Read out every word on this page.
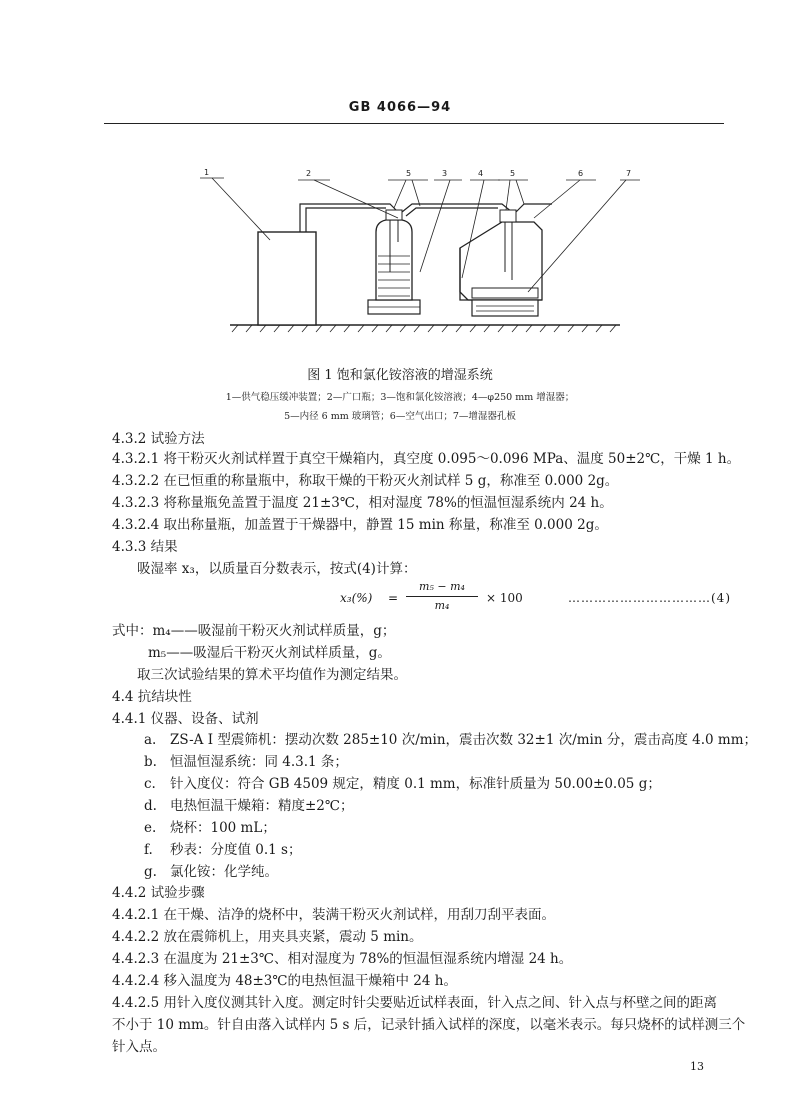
GB 4066—94
1	2	5	3	4	5	6	7
图 1 饱和氯化铵溶液的增湿系统
1—供气稳压缓冲装置；2—广口瓶；3—饱和氯化铵溶液；4—φ250 mm 增湿器；
5—内径 6 mm 玻璃管；6—空气出口；7—增湿器孔板
4.3.2 试验方法
4.3.2.1 将干粉灭火剂试样置于真空干燥箱内，真空度 0.095～0.096 MPa、温度 50±2℃，干燥 1 h。
4.3.2.2 在已恒重的称量瓶中，称取干燥的干粉灭火剂试样 5 g，称准至 0.000 2g。
4.3.2.3 将称量瓶免盖置于温度 21±3℃，相对湿度 78%的恒温恒湿系统内 24 h。
4.3.2.4 取出称量瓶，加盖置于干燥器中，静置 15 min 称量，称准至 0.000 2g。
4.3.3 结果
吸湿率 x₃，以质量百分数表示，按式(4)计算：
x₃(%) =
m₅ − m₄
m₄
× 100	……………………………(4)
式中：m₄——吸湿前干粉灭火剂试样质量，g；
m₅——吸湿后干粉灭火剂试样质量，g。
取三次试验结果的算术平均值作为测定结果。
4.4 抗结块性
4.4.1 仪器、设备、试剂
a. ZS-A Ⅰ 型震筛机：摆动次数 285±10 次/min，震击次数 32±1 次/min 分，震击高度 4.0 mm；
b. 恒温恒湿系统：同 4.3.1 条；
c. 针入度仪：符合 GB 4509 规定，精度 0.1 mm，标准针质量为 50.00±0.05 g；
d. 电热恒温干燥箱：精度±2℃；
e. 烧杯：100 mL；
f. 秒表：分度值 0.1 s；
g. 氯化铵：化学纯。
4.4.2 试验步骤
4.4.2.1 在干燥、洁净的烧杯中，装满干粉灭火剂试样，用刮刀刮平表面。
4.4.2.2 放在震筛机上，用夹具夹紧，震动 5 min。
4.4.2.3 在温度为 21±3℃、相对湿度为 78%的恒温恒湿系统内增湿 24 h。
4.4.2.4 移入温度为 48±3℃的电热恒温干燥箱中 24 h。
4.4.2.5 用针入度仪测其针入度。测定时针尖要贴近试样表面，针入点之间、针入点与杯壁之间的距离
不小于 10 mm。针自由落入试样内 5 s 后，记录针插入试样的深度，以毫米表示。每只烧杯的试样测三个
针入点。
13
